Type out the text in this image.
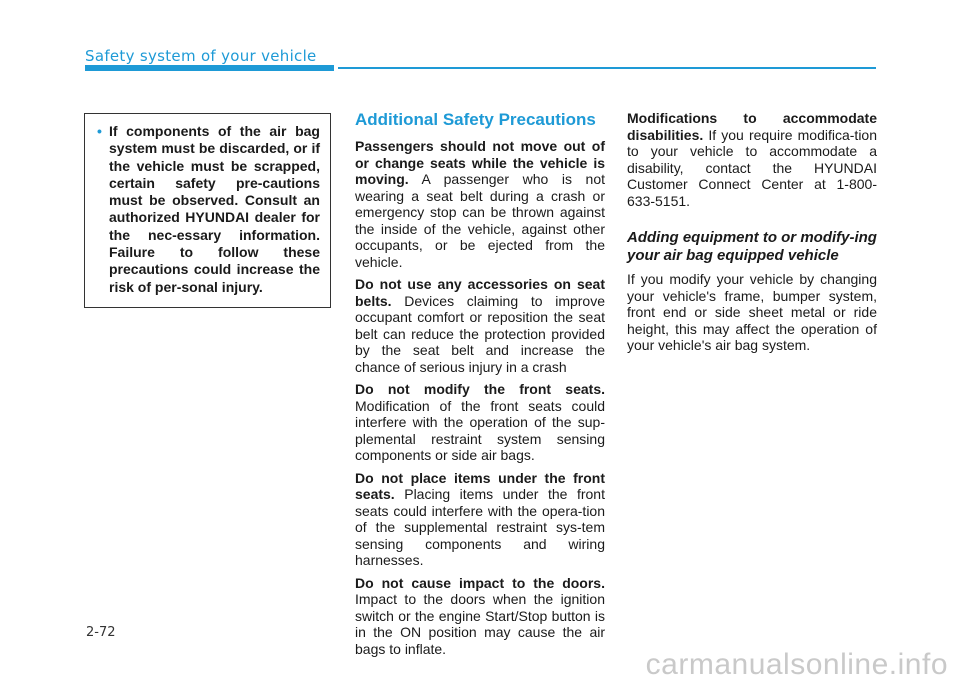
Safety system of your vehicle

• If components of the air bag system must be discarded, or if the vehicle must be scrapped, certain safety pre-cautions must be observed. Consult an authorized HYUNDAI dealer for the nec-essary information. Failure to follow these precautions could increase the risk of per-sonal injury.

Additional Safety Precautions

Passengers should not move out of or change seats while the vehicle is moving. A passenger who is not wearing a seat belt during a crash or emergency stop can be thrown against the inside of the vehicle, against other occupants, or be ejected from the vehicle.

Do not use any accessories on seat belts. Devices claiming to improve occupant comfort or reposition the seat belt can reduce the protection provided by the seat belt and increase the chance of serious injury in a crash

Do not modify the front seats. Modification of the front seats could interfere with the operation of the sup-plemental restraint system sensing components or side air bags.

Do not place items under the front seats. Placing items under the front seats could interfere with the opera-tion of the supplemental restraint sys-tem sensing components and wiring harnesses.

Do not cause impact to the doors. Impact to the doors when the ignition switch or the engine Start/Stop button is in the ON position may cause the air bags to inflate.

Modifications to accommodate disabilities. If you require modifica-tion to your vehicle to accommodate a disability, contact the HYUNDAI Customer Connect Center at 1-800-633-5151.

Adding equipment to or modify-ing your air bag equipped vehicle

If you modify your vehicle by changing your vehicle's frame, bumper system, front end or side sheet metal or ride height, this may affect the operation of your vehicle's air bag system.

2-72

carmanualsonline.info
